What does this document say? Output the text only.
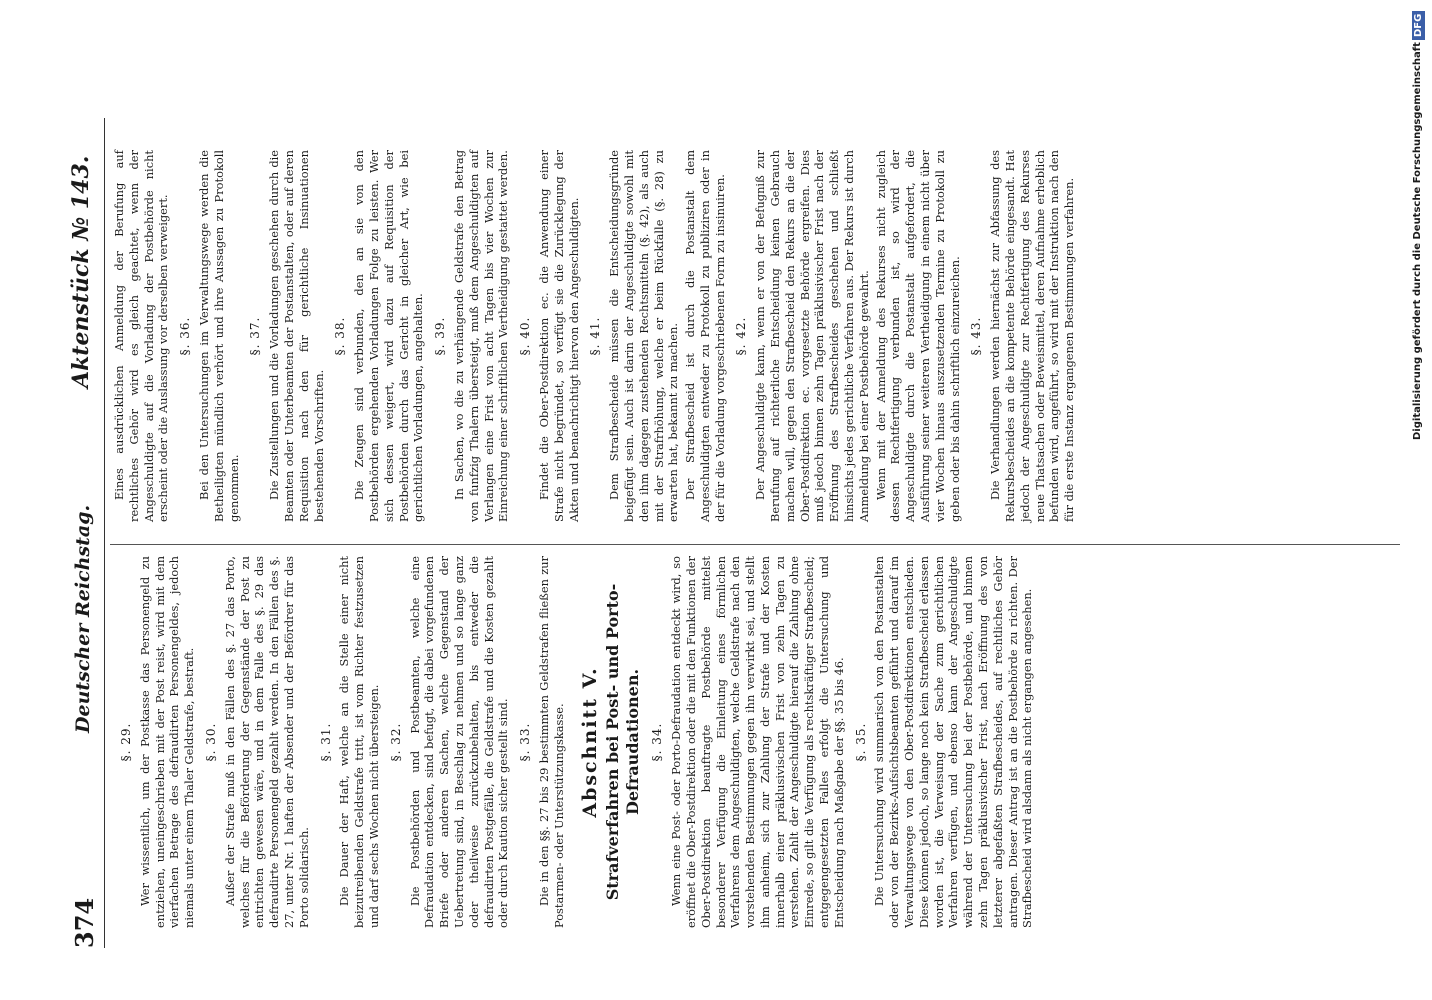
374
Deutscher Reichstag.
Aktenstück № 143.
§. 29. Wer wissentlich, um der Postkasse das Personengeld zu entziehen, uneingeschrieben mit der Post reist, wird mit dem vierfachen Betrage des defraudirten Personengeldes, jedoch niemals unter einem Thaler Geldstrafe, bestraft. §. 30. Außer der Strafe muß in den Fällen des §. 27 das Porto, welches für die Beförderung der Gegenstände der Post zu entrichten gewesen wäre, und in dem Falle des §. 29 das defraudirte Personengeld gezahlt werden. In den Fällen des §. 27, unter Nr. 1 haften der Absender und der Befördrer für das Porto solidarisch.

§. 31. Die Dauer der Haft, welche an die Stelle einer nicht beizutreibenden Geldstrafe tritt, ist vom Richter festzusetzen und darf sechs Wochen nicht übersteigen. §. 32. Die Postbehörden und Postbeamten, welche eine Defraudation entdecken, sind befugt, die dabei vorgefundenen Briefe oder anderen Sachen, welche Gegenstand der Uebertretung sind, in Beschlag zu nehmen und so lange ganz oder theilweise zurückzubehalten, bis entweder die defraudirten Postgefälle, die Geldstrafe und die Kosten gezahlt oder durch Kaution sicher gestellt sind. §. 33. Die in den §§. 27 bis 29 bestimmten Geldstrafen fließen zur Postarmen- oder Unterstützungskasse. Abschnitt V. Strafverfahren bei Post- und Porto-Defraudationen. §. 34. Wenn eine Post- oder Porto-Defraudation entdeckt wird, so eröffnet die Ober-Postdirektion oder die mit den Funktionen der Ober-Postdirektion beauftragte Postbehörde mittelst besonderer Verfügung die Einleitung eines förmlichen Verfahrens dem Angeschuldigten, welche Geldstrafe nach den vorstehenden Bestimmungen gegen ihn verwirkt sei, und stellt ihm anheim, sich zur Zahlung der Strafe und der Kosten innerhalb einer präklusivischen Frist von zehn Tagen zu verstehen. Zahlt der Angeschuldigte hierauf die Zahlung ohne Einrede, so gilt die Verfügung als rechtskräftiger Strafbescheid; entgegengesetzten Falles erfolgt die Untersuchung und Entscheidung nach Maßgabe der §§. 35 bis 46. §. 35. Die Untersuchung wird summarisch von den Postanstalten oder von der Bezirks-Aufsichtsbeamten geführt und darauf im Verwaltungswege von den Ober-Postdirektionen entschieden. Diese können jedoch, so lange noch kein Strafbescheid erlassen worden ist, die Verweisung der Sache zum gerichtlichen Verfahren verfügen, und ebenso kann der Angeschuldigte während der Untersuchung bei der Postbehörde, und binnen zehn Tagen präklusivischer Frist, nach Eröffnung des von letzterer abgefaßten Strafbescheides, auf rechtliches Gehör antragen. Dieser Antrag ist an die Postbehörde zu richten. Der Strafbescheid wird alsdann als nicht ergangen angesehen.

Eines ausdrücklichen Anmeldung der Berufung auf rechtliches Gehör wird es gleich geachtet, wenn der Angeschuldigte auf die Vorladung der Postbehörde nicht erscheint oder die Auslassung vor derselben verweigert. §. 36. Bei den Untersuchungen im Verwaltungswege werden die Betheiligten mündlich verhört und ihre Aussagen zu Protokoll genommen.

§. 37. Die Zustellungen und die Vorladungen geschehen durch die Beamten oder Unterbeamten der Postanstalten, oder auf deren Requisition nach den für gerichtliche Insinuationen bestehenden Vorschriften.

§. 38. Die Zeugen sind verbunden, den an sie von den Postbehörden ergehenden Vorladungen Folge zu leisten. Wer sich dessen weigert, wird dazu auf Requisition der Postbehörden durch das Gericht in gleicher Art, wie bei gerichtlichen Vorladungen, angehalten. §. 39. In Sachen, wo die zu verhängende Geldstrafe den Betrag von funfzig Thalern übersteigt, muß dem Angeschuldigten auf Verlangen eine Frist von acht Tagen bis vier Wochen zur Einreichung einer schriftlichen Vertheidigung gestattet werden. §. 40. Findet die Ober-Postdirektion ec. die Anwendung einer Strafe nicht begründet, so verfügt sie die Zurücklegung der Akten und benachrichtigt hiervon den Angeschuldigten. §. 41. Dem Strafbescheide müssen die Entscheidungsgründe beigefügt sein. Auch ist darin der Angeschuldigte sowohl mit den ihm dagegen zustehenden Rechtsmitteln (§. 42), als auch mit der Strafrhöhung, welche er beim Rückfalle (§. 28) zu erwarten hat, bekannt zu machen. Der Strafbescheid ist durch die Postanstalt dem Angeschuldigten entweder zu Protokoll zu publiziren oder in der für die Vorladung vorgeschriebenen Form zu insinuiren. §. 42. Der Angeschuldigte kann, wenn er von der Befugniß zur Berufung auf richterliche Entscheidung keinen Gebrauch machen will, gegen den Strafbescheid den Rekurs an die der Ober-Postdirektion ec. vorgesetzte Behörde ergreifen. Dies muß jedoch binnen zehn Tagen präklusivischer Frist nach der Eröffnung des Strafbescheides geschehen und schließt hinsichts jedes gerichtliche Verfahren aus. Der Rekurs ist durch Anmeldung bei einer Postbehörde gewahrt. Wenn mit der Anmeldung des Rekurses nicht zugleich dessen Rechtfertigung verbunden ist, so wird der Angeschuldigte durch die Postanstalt aufgefordert, die Ausführung seiner weiteren Vertheidigung in einem nicht über vier Wochen hinaus auszusetzenden Termine zu Protokoll zu geben oder bis dahin schriftlich einzureichen. §. 43. Die Verhandlungen werden hiernächst zur Abfassung des Rekursbescheides an die kompetente Behörde eingesandt. Hat jedoch der Angeschuldigte zur Rechtfertigung des Rekurses neue Thatsachen oder Beweismittel, deren Aufnahme erheblich befunden wird, angeführt, so wird mit der Instruktion nach den für die erste Instanz ergangenen Bestimmungen verfahren.	Digitalisierung gefördert durch die Deutsche Forschungsgemeinschaft
DFG
